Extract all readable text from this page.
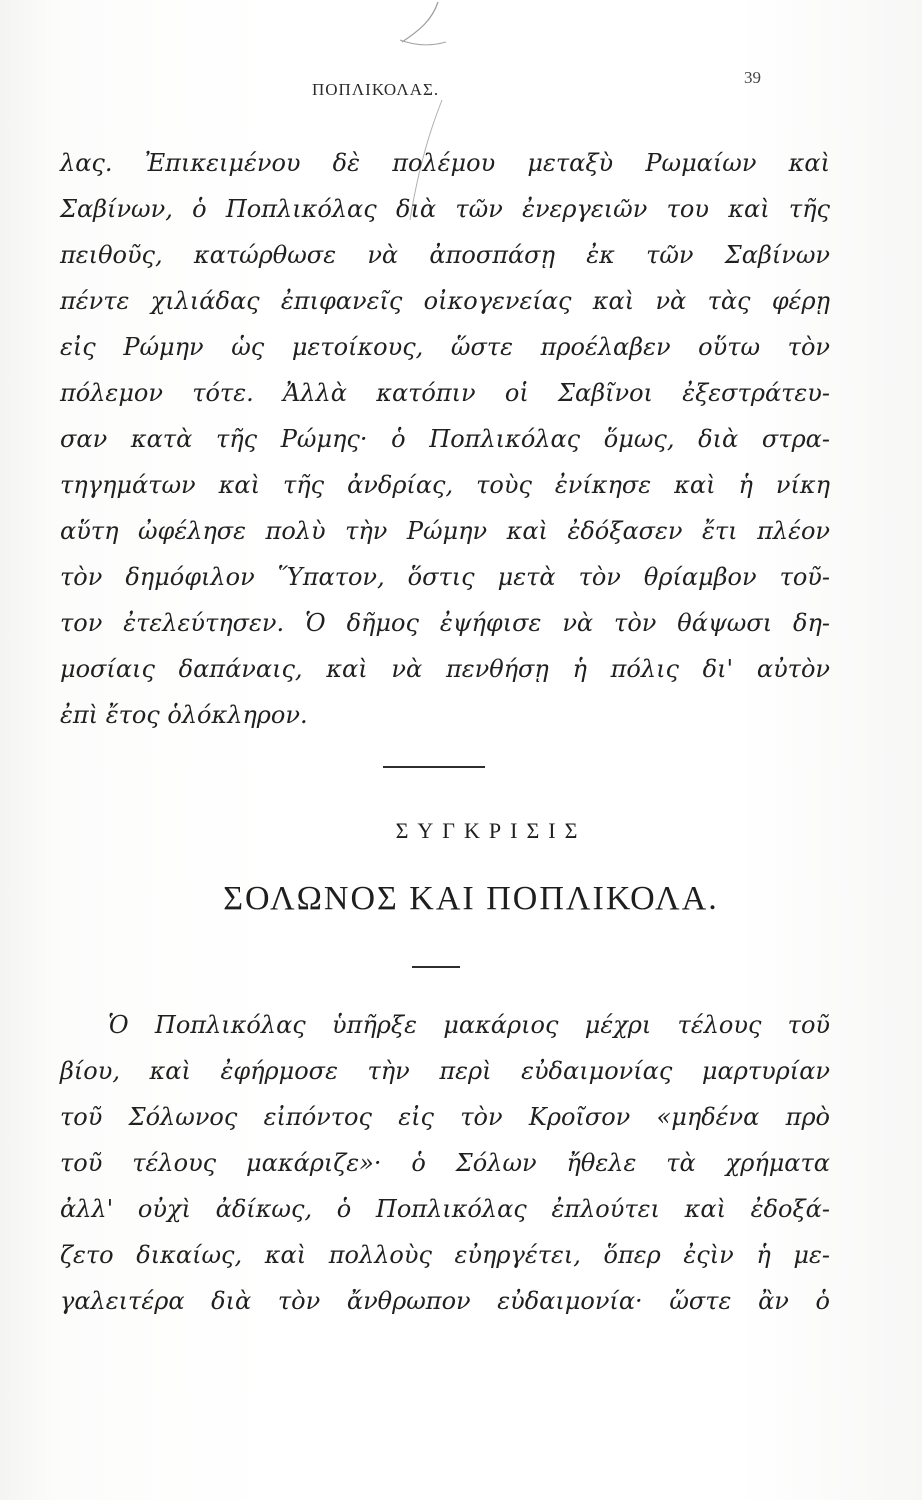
ΠΟΠΛΙΚΟΛΑΣ.
39
λας. Ἐπικειμένου δὲ πολέμου μεταξὺ Ρωμαίων καὶ
Σαβίνων, ὁ Ποπλικόλας διὰ τῶν ἐνεργειῶν του καὶ τῆς
πειθοῦς, κατώρθωσε νὰ ἀποσπάσῃ ἐκ τῶν Σαβίνων
πέντε χιλιάδας ἐπιφανεῖς οἰκογενείας καὶ νὰ τὰς φέρῃ
εἰς Ρώμην ὡς μετοίκους, ὥστε προέλαβεν οὕτω τὸν
πόλεμον τότε. Ἀλλὰ κατόπιν οἱ Σαβῖνοι ἐξεστράτευ-
σαν κατὰ τῆς Ρώμης· ὁ Ποπλικόλας ὅμως, διὰ στρα-
τηγημάτων καὶ τῆς ἀνδρίας, τοὺς ἐνίκησε καὶ ἡ νίκη
αὕτη ὠφέλησε πολὺ τὴν Ρώμην καὶ ἐδόξασεν ἔτι πλέον
τὸν δημόφιλον Ὕπατον, ὅστις μετὰ τὸν θρίαμβον τοῦ-
τον ἐτελεύτησεν. Ὁ δῆμος ἐψήφισε νὰ τὸν θάψωσι δη-
μοσίαις δαπάναις, καὶ νὰ πενθήσῃ ἡ πόλις δι' αὐτὸν
ἐπὶ ἔτος ὁλόκληρον.
ΣΥΓΚΡΙΣΙΣ
ΣΟΛΩΝΟΣ ΚΑΙ ΠΟΠΛΙΚΟΛΑ.
Ὁ Ποπλικόλας ὑπῆρξε μακάριος μέχρι τέλους τοῦ
βίου, καὶ ἐφήρμοσε τὴν περὶ εὐδαιμονίας μαρτυρίαν
τοῦ Σόλωνος εἰπόντος εἰς τὸν Κροῖσον «μηδένα πρὸ
τοῦ τέλους μακάριζε»· ὁ Σόλων ἤθελε τὰ χρήματα
ἀλλ' οὐχὶ ἀδίκως, ὁ Ποπλικόλας ἐπλούτει καὶ ἐδοξά-
ζετο δικαίως, καὶ πολλοὺς εὐηργέτει, ὅπερ ἐςὶν ἡ με-
γαλειτέρα διὰ τὸν ἄνθρωπον εὐδαιμονία· ὥστε ἂν ὁ
